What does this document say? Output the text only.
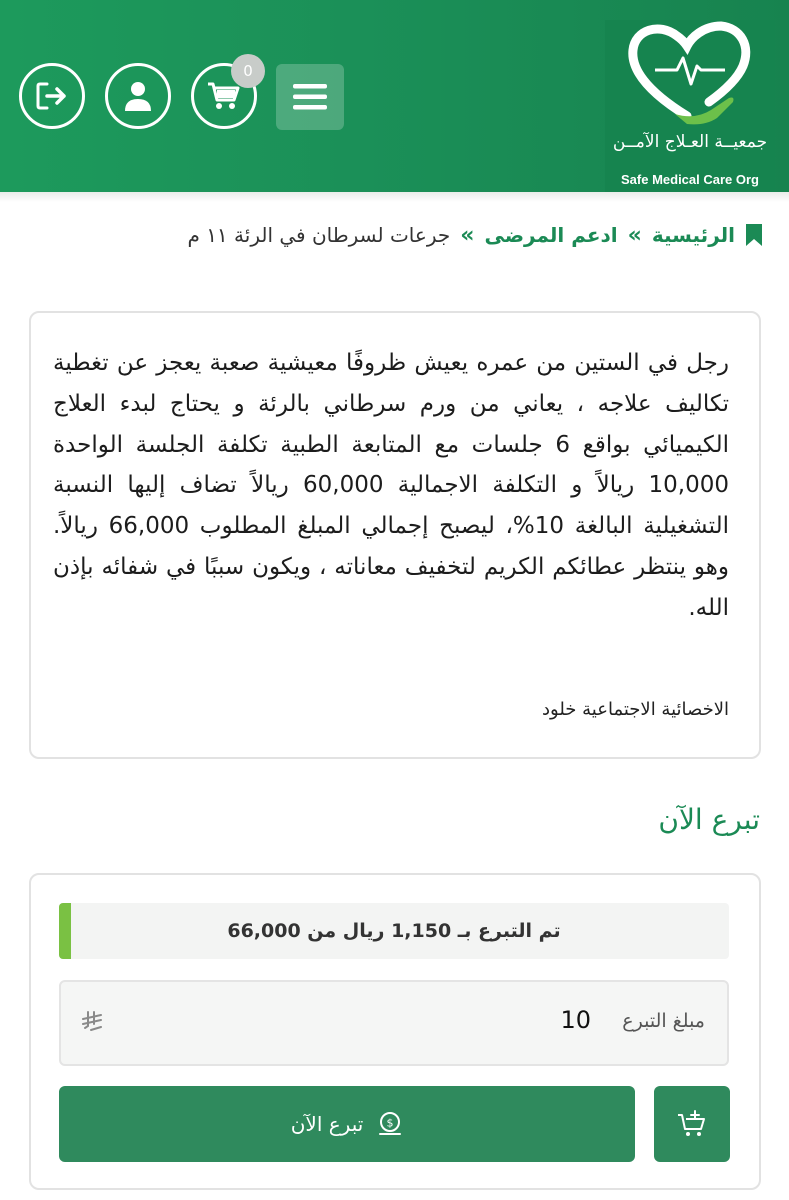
0
جمعيــة العـلاج الآمــن
Safe Medical Care Org
الرئيسية
»
ادعم المرضى
»
جرعات لسرطان في الرئة ١١ م
رجل في الستين من عمره يعيش ظروفًا معيشية صعبة يعجز عن تغطية تكاليف علاجه ، يعاني من ورم سرطاني بالرئة و يحتاج لبدء العلاج الكيميائي بواقع 6 جلسات مع المتابعة الطبية تكلفة الجلسة الواحدة 10,000 ريالاً و التكلفة الاجمالية 60,000 ريالاً تضاف إليها النسبة التشغيلية البالغة 10%، ليصبح إجمالي المبلغ المطلوب 66,000 ريالاً. وهو ينتظر عطائكم الكريم لتخفيف معاناته ، ويكون سببًا في شفائه بإذن الله.
الاخصائية الاجتماعية خلود
تبرع الآن
تم التبرع بـ 1,150 ريال من 66,000
مبلغ التبرع
10
$
تبرع الآن
